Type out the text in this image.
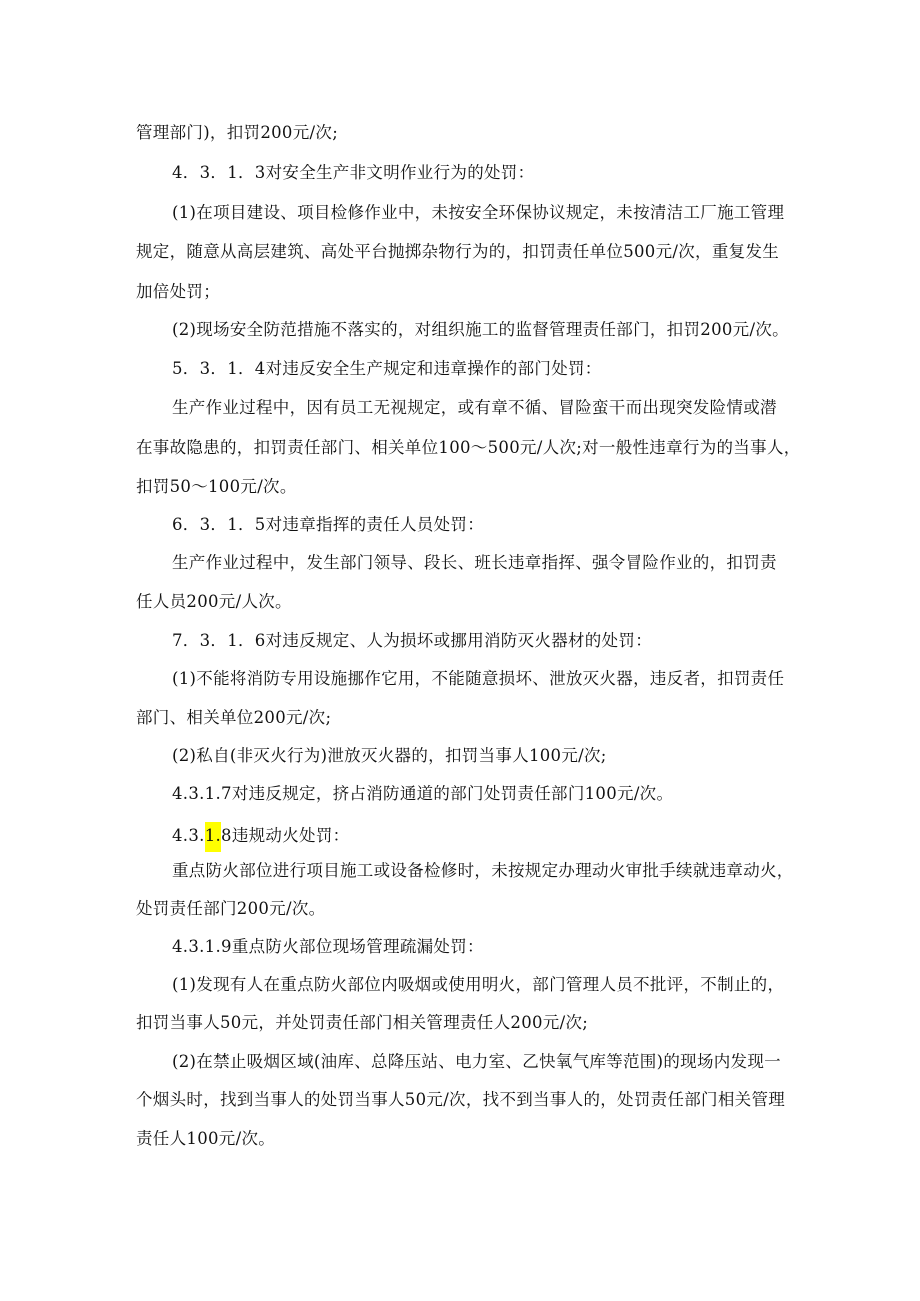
管理部门)，扣罚200元/次;
4．3．1．3对安全生产非文明作业行为的处罚：
(1)在项目建设、项目检修作业中，未按安全环保协议规定，未按清洁工厂施工管理
规定，随意从高层建筑、高处平台抛掷杂物行为的，扣罚责任单位500元/次，重复发生
加倍处罚；
(2)现场安全防范措施不落实的，对组织施工的监督管理责任部门，扣罚200元/次。
5．3．1．4对违反安全生产规定和违章操作的部门处罚：
生产作业过程中，因有员工无视规定，或有章不循、冒险蛮干而出现突发险情或潜
在事故隐患的，扣罚责任部门、相关单位100～500元/人次;对一般性违章行为的当事人，
扣罚50～100元/次。
6．3．1．5对违章指挥的责任人员处罚：
生产作业过程中，发生部门领导、段长、班长违章指挥、强令冒险作业的，扣罚责
任人员200元/人次。
7．3．1．6对违反规定、人为损坏或挪用消防灭火器材的处罚：
(1)不能将消防专用设施挪作它用，不能随意损坏、泄放灭火器，违反者，扣罚责任
部门、相关单位200元/次;
(2)私自(非灭火行为)泄放灭火器的，扣罚当事人100元/次;
4.3.1.7对违反规定，挤占消防通道的部门处罚责任部门100元/次。
4.3.1.8违规动火处罚：
重点防火部位进行项目施工或设备检修时，未按规定办理动火审批手续就违章动火，
处罚责任部门200元/次。
4.3.1.9重点防火部位现场管理疏漏处罚：
(1)发现有人在重点防火部位内吸烟或使用明火，部门管理人员不批评，不制止的，
扣罚当事人50元，并处罚责任部门相关管理责任人200元/次;
(2)在禁止吸烟区域(油库、总降压站、电力室、乙快氧气库等范围)的现场内发现一
个烟头时，找到当事人的处罚当事人50元/次，找不到当事人的，处罚责任部门相关管理
责任人100元/次。
